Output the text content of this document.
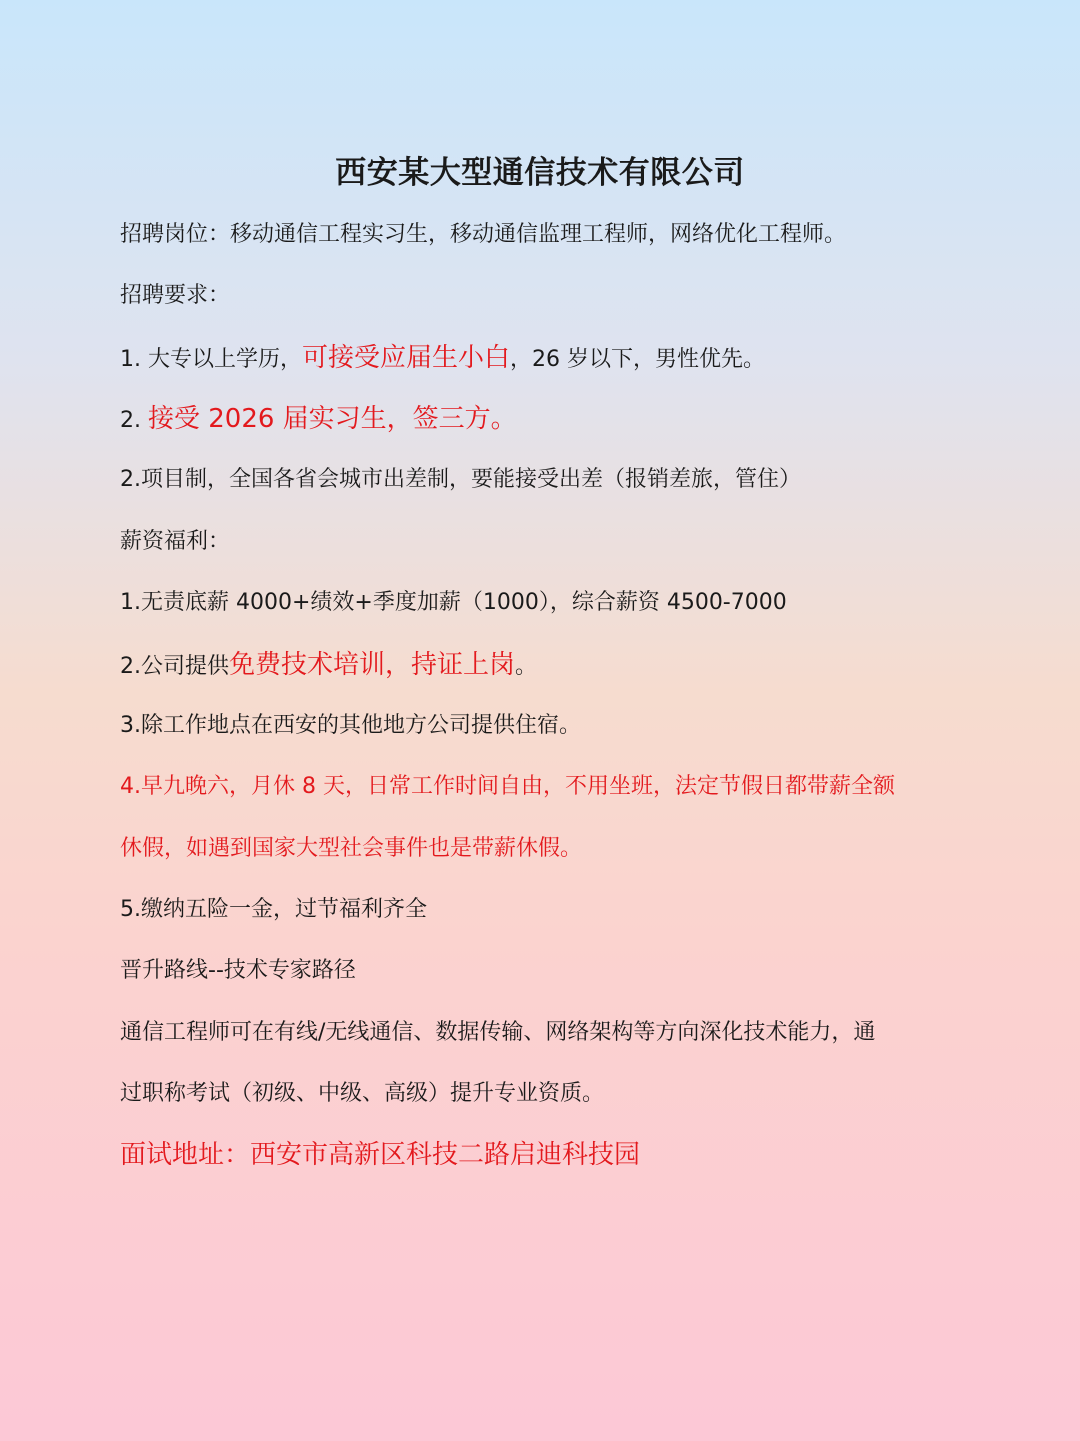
西安某大型通信技术有限公司
招聘岗位：移动通信工程实习生，移动通信监理工程师，网络优化工程师。
招聘要求：
1. 大专以上学历，可接受应届生小白，26 岁以下，男性优先。
2. 接受 2026 届实习生，签三方。
2.项目制，全国各省会城市出差制，要能接受出差（报销差旅，管住）
薪资福利：
1.无责底薪 4000+绩效+季度加薪（1000），综合薪资 4500-7000
2.公司提供免费技术培训，持证上岗。
3.除工作地点在西安的其他地方公司提供住宿。
4.早九晚六，月休 8 天，日常工作时间自由，不用坐班，法定节假日都带薪全额
休假，如遇到国家大型社会事件也是带薪休假。
5.缴纳五险一金，过节福利齐全
晋升路线--技术专家路径
通信工程师可在有线/无线通信、数据传输、网络架构等方向深化技术能力，通
过职称考试（初级、中级、高级）提升专业资质。
面试地址：西安市高新区科技二路启迪科技园
